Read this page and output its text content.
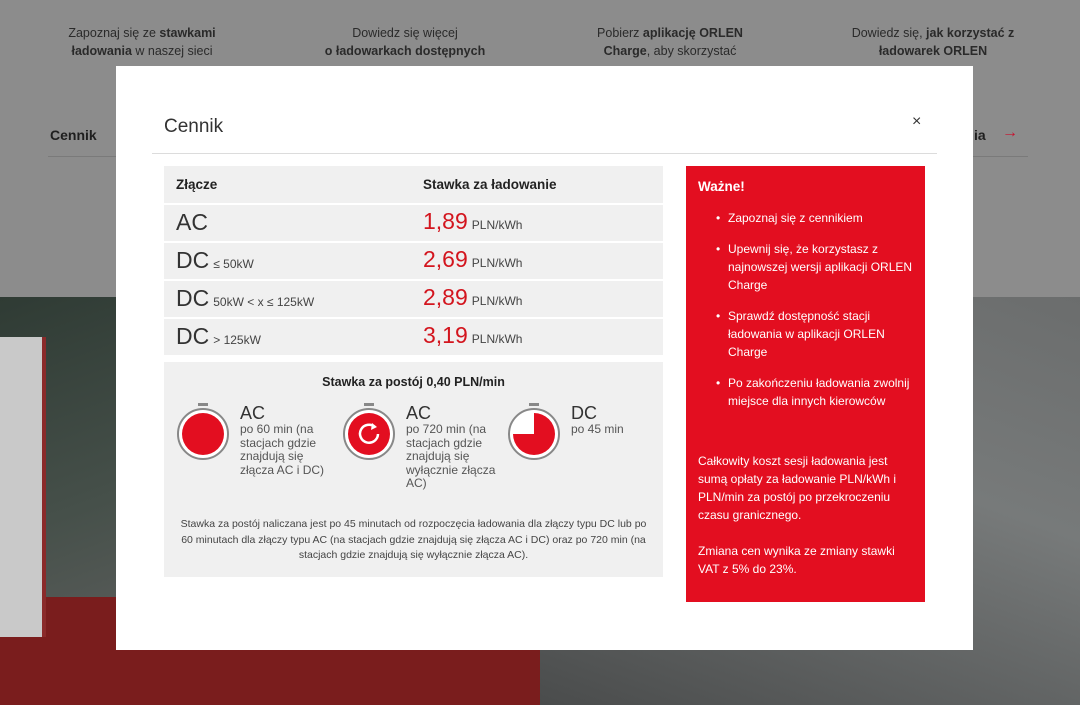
Zapoznaj się ze stawkami ładowania w naszej sieci
Dowiedz się więcej
o ładowarkach dostępnych
Pobierz aplikację ORLEN
Charge, aby skorzystać
Dowiedz się, jak korzystać z ładowarek ORLEN
Cennik	ia →
Cennik	×
Złącze	Stawka za ładowanie
AC	1,89 PLN/kWh
DC ≤ 50kW	2,69 PLN/kWh
DC 50kW < x ≤ 125kW	2,89 PLN/kWh
DC > 125kW	3,19 PLN/kWh
Stawka za postój 0,40 PLN/min
AC
po 60 min (na stacjach gdzie znajdują się złącza AC i DC)
AC
po 720 min (na stacjach gdzie znajdują się wyłącznie złącza AC)
DC
po 45 min
Stawka za postój naliczana jest po 45 minutach od rozpoczęcia ładowania dla złączy typu DC lub po 60 minutach dla złączy typu AC (na stacjach gdzie znajdują się złącza AC i DC) oraz po 720 min (na stacjach gdzie znajdują się wyłącznie złącza AC).
Ważne!
• Zapoznaj się z cennikiem
• Upewnij się, że korzystasz z najnowszej wersji aplikacji ORLEN Charge
• Sprawdź dostępność stacji ładowania w aplikacji ORLEN Charge
• Po zakończeniu ładowania zwolnij miejsce dla innych kierowców
Całkowity koszt sesji ładowania jest sumą opłaty za ładowanie PLN/kWh i PLN/min za postój po przekroczeniu czasu granicznego.
Zmiana cen wynika ze zmiany stawki VAT z 5% do 23%.
